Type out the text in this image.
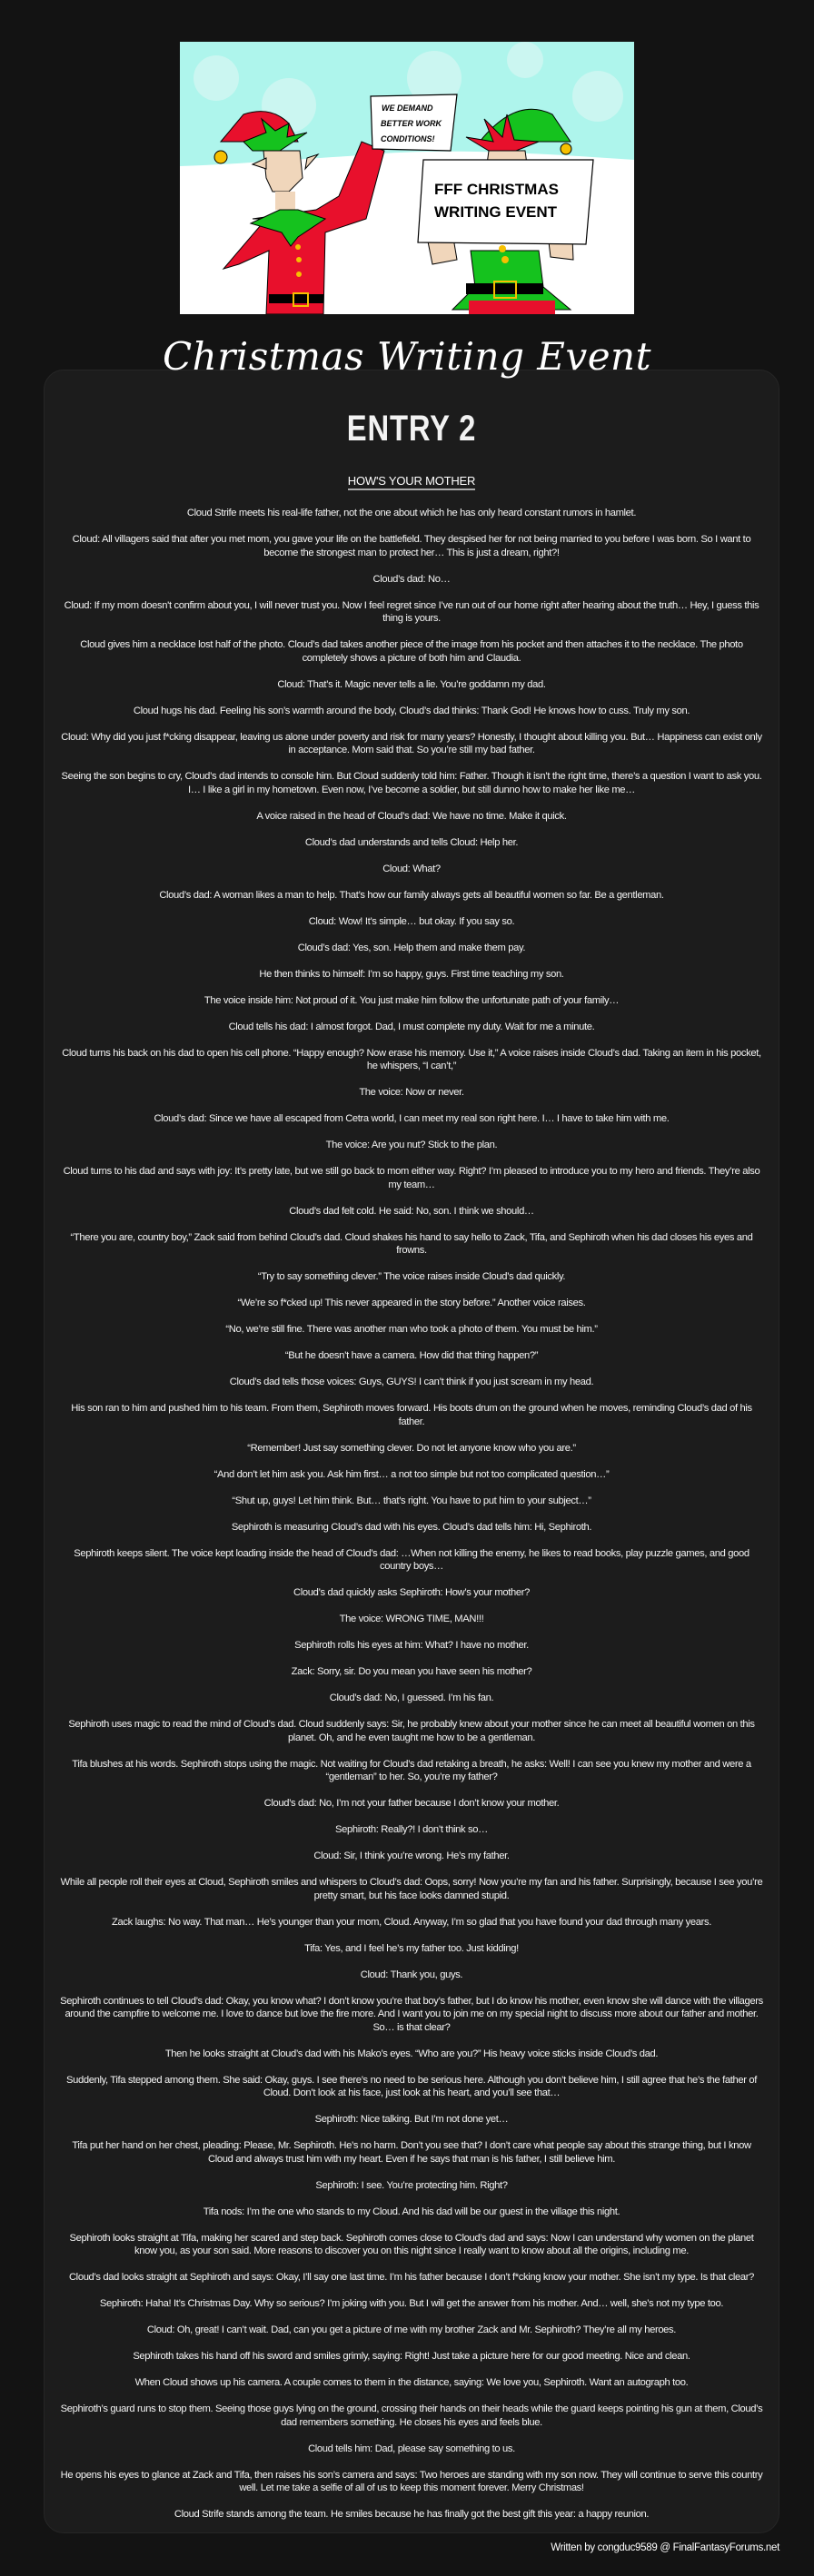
WE DEMAND
BETTER WORK
CONDITIONS!
FFF CHRISTMAS
WRITING EVENT
Christmas Writing Event
ENTRY 2
HOW'S YOUR MOTHER

Cloud Strife meets his real-life father, not the one about which he has only heard constant rumors in hamlet.

Cloud: All villagers said that after you met mom, you gave your life on the battlefield. They despised her for not being married to you before I was born. So I want to become the strongest man to protect her… This is just a dream, right?!

Cloud’s dad: No…

Cloud: If my mom doesn't confirm about you, I will never trust you. Now I feel regret since I’ve run out of our home right after hearing about the truth… Hey, I guess this thing is yours.

Cloud gives him a necklace lost half of the photo. Cloud’s dad takes another piece of the image from his pocket and then attaches it to the necklace. The photo completely shows a picture of both him and Claudia.

Cloud: That’s it. Magic never tells a lie. You’re goddamn my dad.

Cloud hugs his dad. Feeling his son’s warmth around the body, Cloud’s dad thinks: Thank God! He knows how to cuss. Truly my son.

Cloud: Why did you just f*cking disappear, leaving us alone under poverty and risk for many years? Honestly, I thought about killing you. But… Happiness can exist only in acceptance. Mom said that. So you’re still my bad father.

Seeing the son begins to cry, Cloud’s dad intends to console him. But Cloud suddenly told him: Father. Though it isn’t the right time, there’s a question I want to ask you. I… I like a girl in my hometown. Even now, I’ve become a soldier, but still dunno how to make her like me…

A voice raised in the head of Cloud’s dad: We have no time. Make it quick.

Cloud’s dad understands and tells Cloud: Help her.

Cloud: What?

Cloud’s dad: A woman likes a man to help. That’s how our family always gets all beautiful women so far. Be a gentleman.

Cloud: Wow! It’s simple… but okay. If you say so.

Cloud’s dad: Yes, son. Help them and make them pay.

He then thinks to himself: I’m so happy, guys. First time teaching my son.

The voice inside him: Not proud of it. You just make him follow the unfortunate path of your family…

Cloud tells his dad: I almost forgot. Dad, I must complete my duty. Wait for me a minute.

Cloud turns his back on his dad to open his cell phone. “Happy enough? Now erase his memory. Use it,” A voice raises inside Cloud’s dad. Taking an item in his pocket, he whispers, “I can’t,”

The voice: Now or never.

Cloud’s dad: Since we have all escaped from Cetra world, I can meet my real son right here. I… I have to take him with me.

The voice: Are you nut? Stick to the plan.

Cloud turns to his dad and says with joy: It’s pretty late, but we still go back to mom either way. Right? I’m pleased to introduce you to my hero and friends. They’re also my team…

Cloud’s dad felt cold. He said: No, son. I think we should…

“There you are, country boy,” Zack said from behind Cloud’s dad. Cloud shakes his hand to say hello to Zack, Tifa, and Sephiroth when his dad closes his eyes and frowns.

“Try to say something clever.” The voice raises inside Cloud’s dad quickly.

“We’re so f*cked up! This never appeared in the story before.” Another voice raises.

“No, we’re still fine. There was another man who took a photo of them. You must be him.”

“But he doesn’t have a camera. How did that thing happen?”

Cloud’s dad tells those voices: Guys, GUYS! I can’t think if you just scream in my head.

His son ran to him and pushed him to his team. From them, Sephiroth moves forward. His boots drum on the ground when he moves, reminding Cloud’s dad of his father.

“Remember! Just say something clever. Do not let anyone know who you are.”

“And don’t let him ask you. Ask him first… a not too simple but not too complicated question…”

“Shut up, guys! Let him think. But… that’s right. You have to put him to your subject…”

Sephiroth is measuring Cloud’s dad with his eyes. Cloud’s dad tells him: Hi, Sephiroth.

Sephiroth keeps silent. The voice kept loading inside the head of Cloud’s dad: …When not killing the enemy, he likes to read books, play puzzle games, and good country boys…

Cloud’s dad quickly asks Sephiroth: How’s your mother?

The voice: WRONG TIME, MAN!!!

Sephiroth rolls his eyes at him: What? I have no mother.

Zack: Sorry, sir. Do you mean you have seen his mother?

Cloud’s dad: No, I guessed. I’m his fan.

Sephiroth uses magic to read the mind of Cloud’s dad. Cloud suddenly says: Sir, he probably knew about your mother since he can meet all beautiful women on this planet. Oh, and he even taught me how to be a gentleman.

Tifa blushes at his words. Sephiroth stops using the magic. Not waiting for Cloud’s dad retaking a breath, he asks: Well! I can see you knew my mother and were a “gentleman” to her. So, you’re my father?

Cloud’s dad: No, I’m not your father because I don’t know your mother.

Sephiroth: Really?! I don’t think so…

Cloud: Sir, I think you’re wrong. He’s my father.

While all people roll their eyes at Cloud, Sephiroth smiles and whispers to Cloud’s dad: Oops, sorry! Now you’re my fan and his father. Surprisingly, because I see you’re pretty smart, but his face looks damned stupid.

Zack laughs: No way. That man… He’s younger than your mom, Cloud. Anyway, I’m so glad that you have found your dad through many years.

Tifa: Yes, and I feel he’s my father too. Just kidding!

Cloud: Thank you, guys.

Sephiroth continues to tell Cloud’s dad: Okay, you know what? I don’t know you’re that boy’s father, but I do know his mother, even know she will dance with the villagers around the campfire to welcome me. I love to dance but love the fire more. And I want you to join me on my special night to discuss more about our father and mother. So… is that clear?

Then he looks straight at Cloud’s dad with his Mako’s eyes. “Who are you?” His heavy voice sticks inside Cloud’s dad.

Suddenly, Tifa stepped among them. She said: Okay, guys. I see there’s no need to be serious here. Although you don’t believe him, I still agree that he’s the father of Cloud. Don’t look at his face, just look at his heart, and you’ll see that…

Sephiroth: Nice talking. But I’m not done yet…

Tifa put her hand on her chest, pleading: Please, Mr. Sephiroth. He’s no harm. Don’t you see that? I don’t care what people say about this strange thing, but I know Cloud and always trust him with my heart. Even if he says that man is his father, I still believe him.

Sephiroth: I see. You’re protecting him. Right?

Tifa nods: I’m the one who stands to my Cloud. And his dad will be our guest in the village this night.

Sephiroth looks straight at Tifa, making her scared and step back. Sephiroth comes close to Cloud’s dad and says: Now I can understand why women on the planet know you, as your son said. More reasons to discover you on this night since I really want to know about all the origins, including me.

Cloud’s dad looks straight at Sephiroth and says: Okay, I’ll say one last time. I’m his father because I don’t f*cking know your mother. She isn’t my type. Is that clear?

Sephiroth: Haha! It’s Christmas Day. Why so serious? I’m joking with you. But I will get the answer from his mother. And… well, she’s not my type too.

Cloud: Oh, great! I can’t wait. Dad, can you get a picture of me with my brother Zack and Mr. Sephiroth? They’re all my heroes.

Sephiroth takes his hand off his sword and smiles grimly, saying: Right! Just take a picture here for our good meeting. Nice and clean.

When Cloud shows up his camera. A couple comes to them in the distance, saying: We love you, Sephiroth. Want an autograph too.

Sephiroth’s guard runs to stop them. Seeing those guys lying on the ground, crossing their hands on their heads while the guard keeps pointing his gun at them, Cloud’s dad remembers something. He closes his eyes and feels blue.

Cloud tells him: Dad, please say something to us.

He opens his eyes to glance at Zack and Tifa, then raises his son’s camera and says: Two heroes are standing with my son now. They will continue to serve this country well. Let me take a selfie of all of us to keep this moment forever. Merry Christmas!

Cloud Strife stands among the team. He smiles because he has finally got the best gift this year: a happy reunion.

Written by congduc9589 @ FinalFantasyForums.net
